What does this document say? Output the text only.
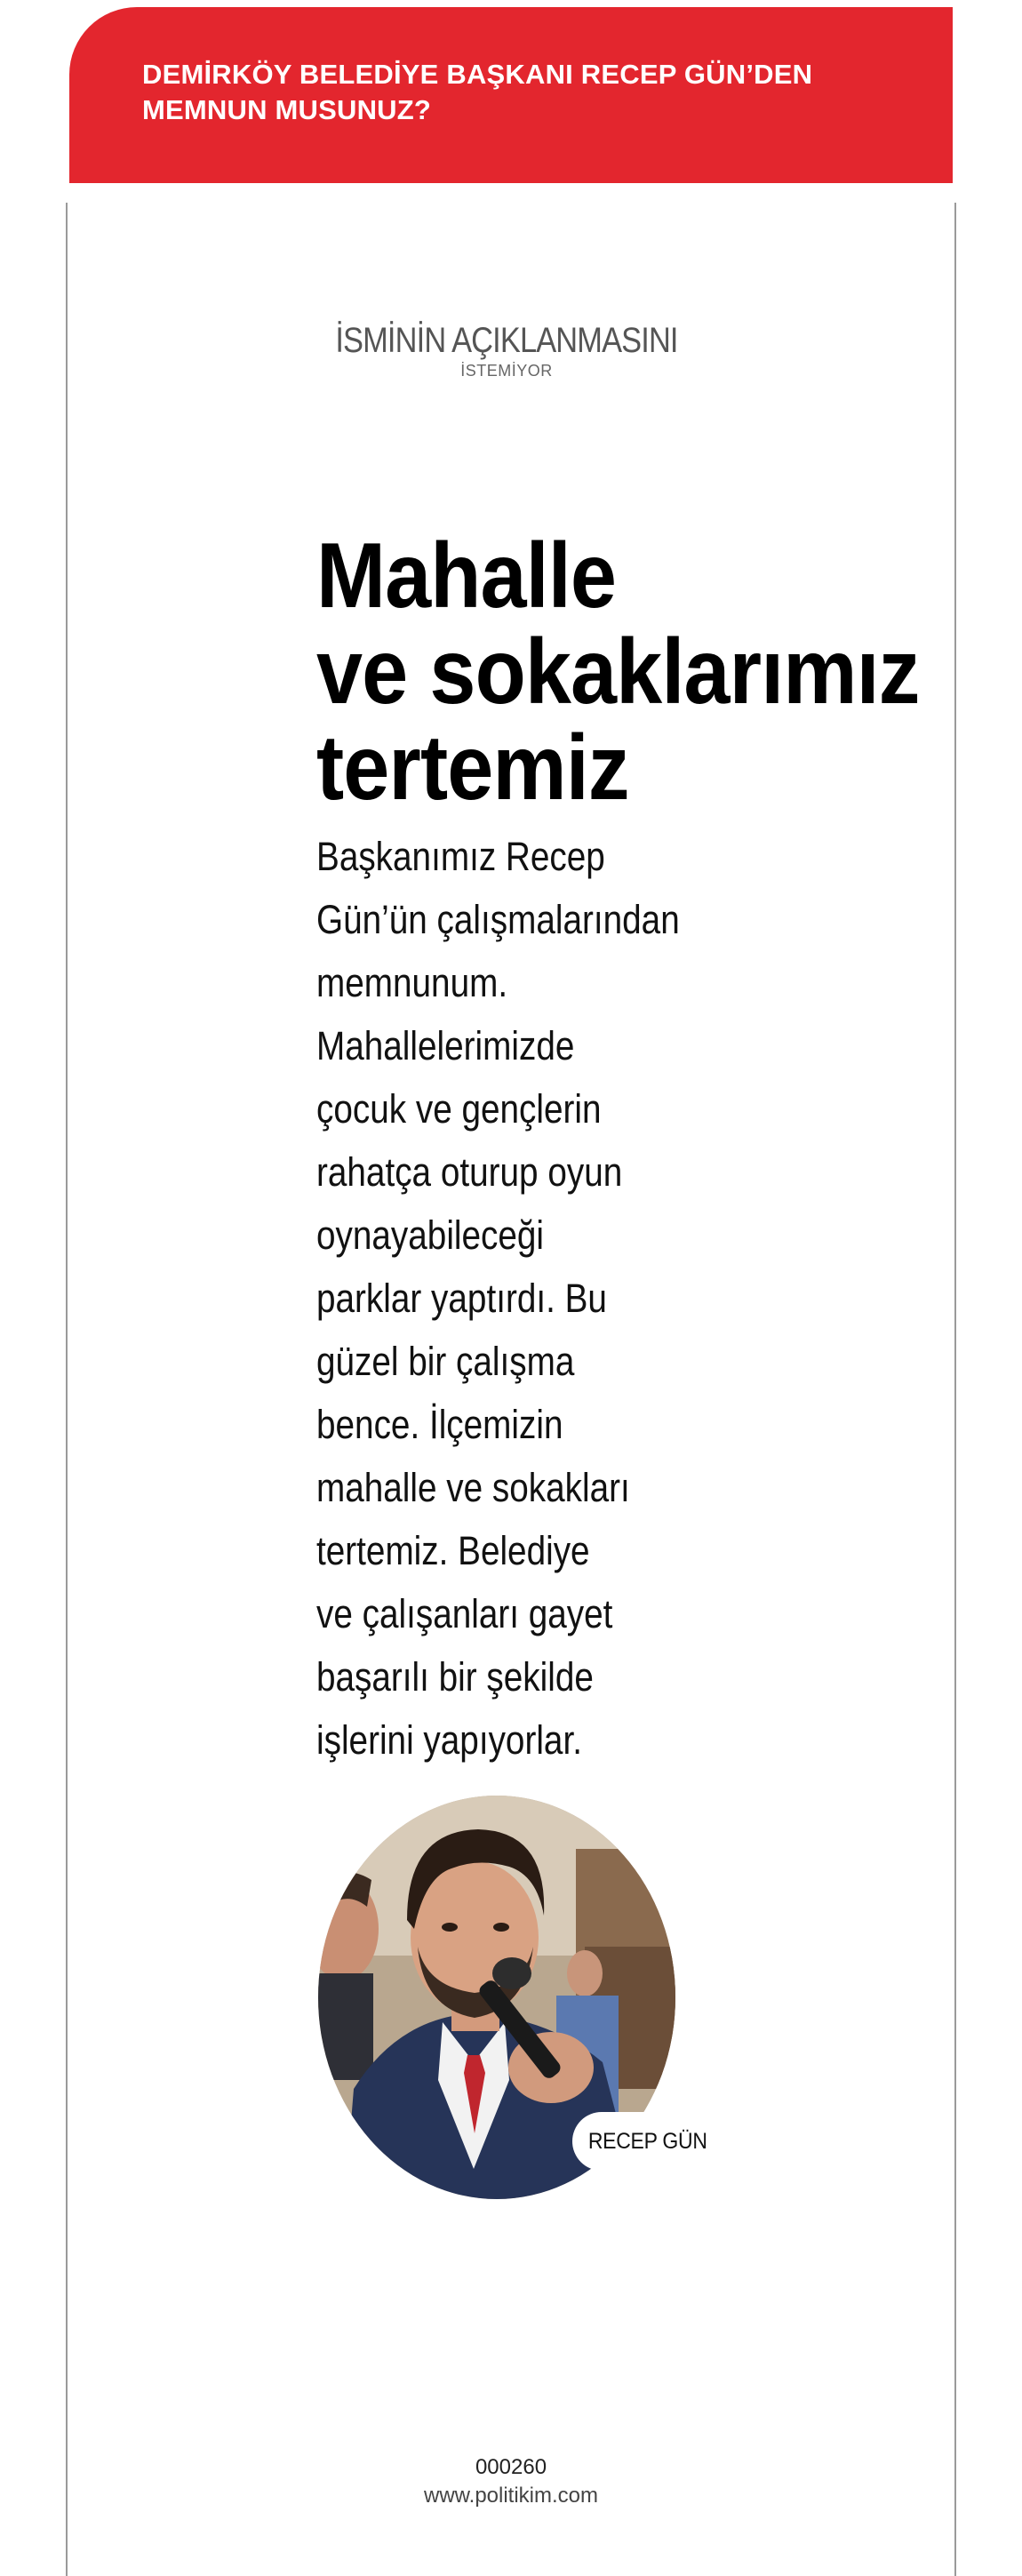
DEMİRKÖY BELEDİYE BAŞKANI RECEP GÜN’DEN MEMNUN MUSUNUZ?
İSMİNİN AÇIKLANMASINI
İSTEMİYOR
Mahalle
ve sokaklarımız
tertemiz
Başkanımız Recep
Gün’ün çalışmalarından
memnunum.
Mahallelerimizde
çocuk ve gençlerin
rahatça oturup oyun
oynayabileceği
parklar yaptırdı. Bu
güzel bir çalışma
bence. İlçemizin
mahalle ve sokakları
tertemiz. Belediye
ve çalışanları gayet
başarılı bir şekilde
işlerini yapıyorlar.
RECEP GÜN
000260
www.politikim.com
